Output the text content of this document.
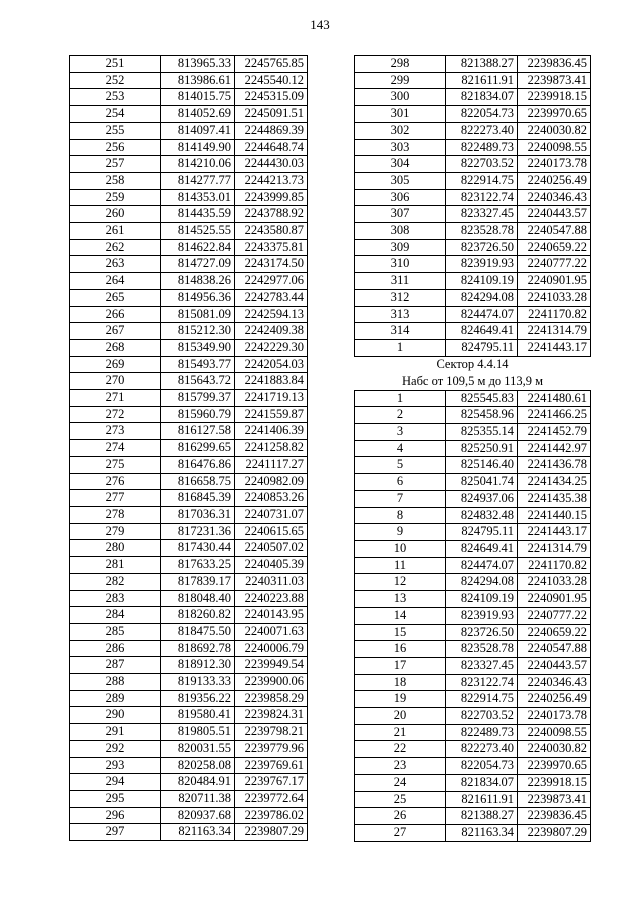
143
251	813965.33	2245765.85
252	813986.61	2245540.12
253	814015.75	2245315.09
254	814052.69	2245091.51
255	814097.41	2244869.39
256	814149.90	2244648.74
257	814210.06	2244430.03
258	814277.77	2244213.73
259	814353.01	2243999.85
260	814435.59	2243788.92
261	814525.55	2243580.87
262	814622.84	2243375.81
263	814727.09	2243174.50
264	814838.26	2242977.06
265	814956.36	2242783.44
266	815081.09	2242594.13
267	815212.30	2242409.38
268	815349.90	2242229.30
269	815493.77	2242054.03
270	815643.72	2241883.84
271	815799.37	2241719.13
272	815960.79	2241559.87
273	816127.58	2241406.39
274	816299.65	2241258.82
275	816476.86	2241117.27
276	816658.75	2240982.09
277	816845.39	2240853.26
278	817036.31	2240731.07
279	817231.36	2240615.65
280	817430.44	2240507.02
281	817633.25	2240405.39
282	817839.17	2240311.03
283	818048.40	2240223.88
284	818260.82	2240143.95
285	818475.50	2240071.63
286	818692.78	2240006.79
287	818912.30	2239949.54
288	819133.33	2239900.06
289	819356.22	2239858.29
290	819580.41	2239824.31
291	819805.51	2239798.21
292	820031.55	2239779.96
293	820258.08	2239769.61
294	820484.91	2239767.17
295	820711.38	2239772.64
296	820937.68	2239786.02
297	821163.34	2239807.29
298	821388.27	2239836.45
299	821611.91	2239873.41
300	821834.07	2239918.15
301	822054.73	2239970.65
302	822273.40	2240030.82
303	822489.73	2240098.55
304	822703.52	2240173.78
305	822914.75	2240256.49
306	823122.74	2240346.43
307	823327.45	2240443.57
308	823528.78	2240547.88
309	823726.50	2240659.22
310	823919.93	2240777.22
311	824109.19	2240901.95
312	824294.08	2241033.28
313	824474.07	2241170.82
314	824649.41	2241314.79
1	824795.11	2241443.17
Сектор 4.4.14		
Набс от 109,5 м до 113,9 м		
1	825545.83	2241480.61
2	825458.96	2241466.25
3	825355.14	2241452.79
4	825250.91	2241442.97
5	825146.40	2241436.78
6	825041.74	2241434.25
7	824937.06	2241435.38
8	824832.48	2241440.15
9	824795.11	2241443.17
10	824649.41	2241314.79
11	824474.07	2241170.82
12	824294.08	2241033.28
13	824109.19	2240901.95
14	823919.93	2240777.22
15	823726.50	2240659.22
16	823528.78	2240547.88
17	823327.45	2240443.57
18	823122.74	2240346.43
19	822914.75	2240256.49
20	822703.52	2240173.78
21	822489.73	2240098.55
22	822273.40	2240030.82
23	822054.73	2239970.65
24	821834.07	2239918.15
25	821611.91	2239873.41
26	821388.27	2239836.45
27	821163.34	2239807.29
